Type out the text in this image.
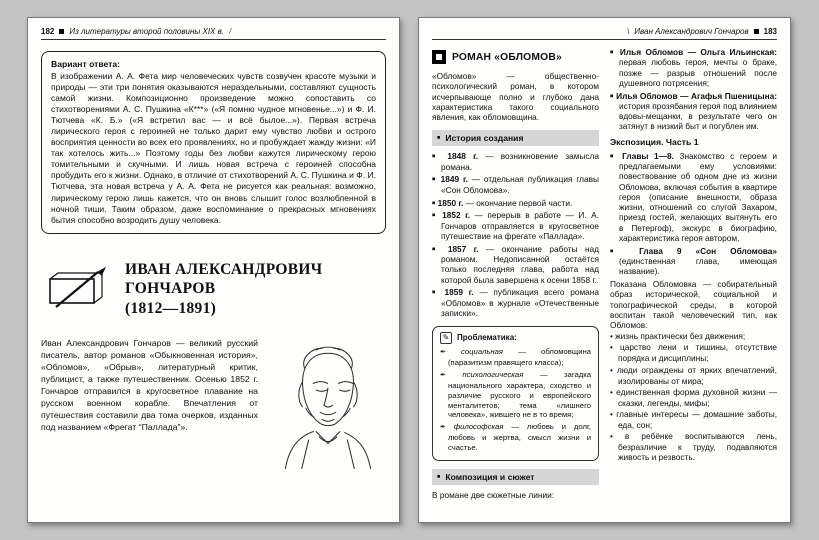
182 Из литературы второй половины XIX в. /
Вариант ответа:

В изображении А. А. Фета мир человеческих чувств созвучен красоте музыки и природы — эти три понятия оказываются нераздельными, составляют сущность самой жизни. Композиционно произведение можно сопоставить со стихотворениями А. С. Пушкина «К***» («Я помню чудное мгновенье...») и Ф. И. Тютчева «К. Б.» («Я встретил вас — и всё былое...»). Первая встреча лирического героя с героиней не только дарит ему чувство любви и острого восприятия ценности во всех его проявлениях, но и пробуждает жажду жизни: «И так хотелось жить...» Поэтому годы без любви кажутся лирическому герою томительными и скучными. И лишь новая встреча с героиней способна пробудить его к жизни. Однако, в отличие от стихотворений А. С. Пушкина и Ф. И. Тютчева, эта новая встреча у А. А. Фета не рисуется как реальная: возможно, лирическому герою лишь кажется, что он вновь слышит голос возлюбленной в ночной тиши. Таким образом, даже воспоминание о прекрасных мгновениях бытия способно возродить душу человека.

ИВАН АЛЕКСАНДРОВИЧ
ГОНЧАРОВ
(1812—1891)

Иван Александрович Гончаров — великий русский писатель, автор романов «Обыкновенная история», «Обломов», «Обрыв», литературный критик, публицист, а также путешественник. Осенью 1852 г. Гончаров отправился в кругосветное плавание на русском военном корабле. Впечатления от путешествия составили два тома очерков, изданных под названием «Фрегат “Паллада”».

\ Иван Александрович Гончаров 183
РОМАН «ОБЛОМОВ»

«Обломов» — общественно-психологический роман, в котором исчерпывающе полно и глубоко дана характеристика такого социального явления, как обломовщина.

■ История создания
■ 1848 г. — возникновение замысла романа.
■ 1849 г. — отдельная публикация главы «Сон Обломова».
■ 1850 г. — окончание первой части.
■ 1852 г. — перерыв в работе — И. А. Гончаров отправляется в кругосветное путешествие на фрегате «Паллада».
■ 1857 г. — окончание работы над романом. Недописанной остаётся только последняя глава, работа над которой была завершена к осени 1858 г.
■ 1859 г. — публикация всего романа «Обломов» в журнале «Отечественные записки».
✎ Проблематика:
✒ социальная — обломовщина (паразитизм правящего класса);
✒ психологическая — загадка национального характера, сходство и различие русского и европейского менталитетов; тема «лишнего человека», жившего не в то время;
✒ философская — любовь и долг, любовь и жертва, смысл жизни и счастье.
■ Композиция и сюжет

В романе две сюжетные линии:

■ Илья Обломов — Ольга Ильинская: первая любовь героя, мечты о браке, позже — разрыв отношений после душевного потрясения;
■ Илья Обломов — Агафья Пшеницына: история прозябания героя под влиянием вдовы-мещанки, в результате чего он затянут в низкий быт и погублен им.
Экспозиция. Часть 1
■ Главы 1—8. Знакомство с героем и предлагаемыми ему условиями: повествование об одном дне из жизни Обломова, включая события в квартире героя (описание внешности, образа жизни, отношений со слугой Захаром, приезд гостей, желающих вытянуть его в Петергоф), экскурс в биографию, характеристика героя автором.
■ Глава 9 «Сон Обломова» (единственная глава, имеющая название).

Показана Обломовка — собирательный образ исторической, социальной и топографической среды, в которой воспитан такой человеческий тип, как Обломов:

• жизнь практически без движения;
• царство лени и тишины, отсутствие порядка и дисциплины;
• люди ограждены от ярких впечатлений, изолированы от мира;
• единственная форма духовной жизни — сказки, легенды, мифы;
• главные интересы — домашние заботы, еда, сон;
• в ребёнке воспитываются лень, безразличие к труду, подавляются живость и резвость.
